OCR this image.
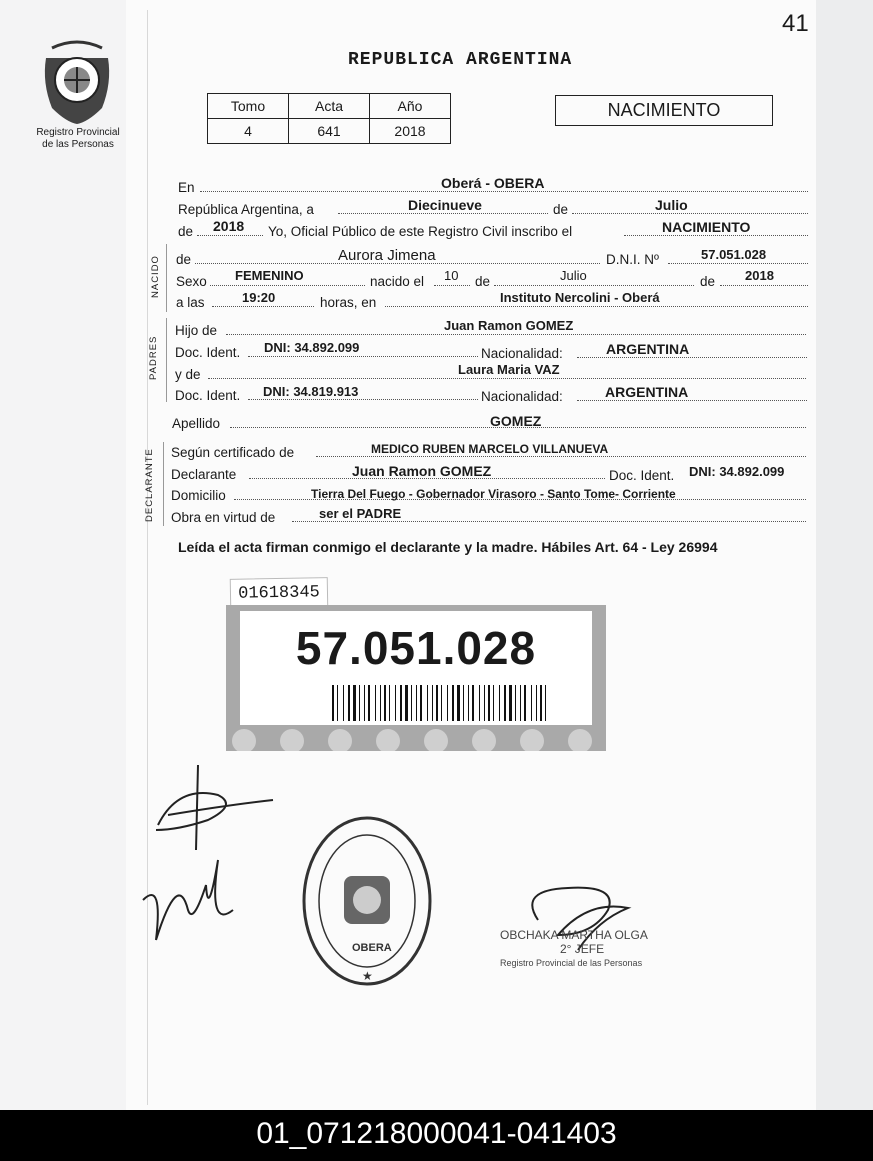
41
Registro Provincial
de las Personas
REPUBLICA ARGENTINA
Tomo	Acta	Año
4	641	2018
NACIMIENTO
En	Oberá - OBERA
República Argentina, a	Diecinueve	de	Julio
de 2018 Yo, Oficial Público de este Registro Civil inscribo el	NACIMIENTO
NACIDO de	Aurora Jimena	D.N.I. Nº	57.051.028
Sexo FEMENINO	nacido el 10 de	Julio	de 2018
a las	19:20	horas, en	Instituto Nercolini - Oberá
PADRES
Hijo de	Juan Ramon GOMEZ
Doc. Ident. DNI: 34.892.099	Nacionalidad:	ARGENTINA
y de	Laura Maria VAZ
Doc. Ident. DNI: 34.819.913	Nacionalidad:	ARGENTINA
Apellido	GOMEZ
DECLARANTE Según certificado de	MEDICO RUBEN MARCELO VILLANUEVA
Declarante	Juan Ramon GOMEZ	Doc. Ident. DNI: 34.892.099
Domicilio	Tierra Del Fuego - Gobernador Virasoro - Santo Tome- Corriente
Obra en virtud de	ser el PADRE
Leída el acta firman conmigo el declarante y la madre. Hábiles Art. 64 - Ley 26994
01618345
57.051.028
OBERA
★
OBCHAKA MARTHA OLGA
2° JEFE
Registro Provincial de las Personas
01_071218000041-041403
